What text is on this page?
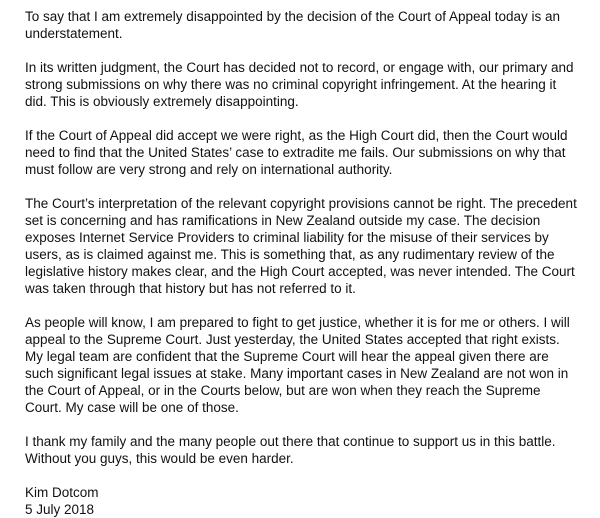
To say that I am extremely disappointed by the decision of the Court of Appeal today is an
understatement.

In its written judgment, the Court has decided not to record, or engage with, our primary and
strong submissions on why there was no criminal copyright infringement. At the hearing it
did. This is obviously extremely disappointing.

If the Court of Appeal did accept we were right, as the High Court did, then the Court would
need to find that the United States’ case to extradite me fails. Our submissions on why that
must follow are very strong and rely on international authority.

The Court’s interpretation of the relevant copyright provisions cannot be right. The precedent
set is concerning and has ramifications in New Zealand outside my case. The decision
exposes Internet Service Providers to criminal liability for the misuse of their services by
users, as is claimed against me. This is something that, as any rudimentary review of the
legislative history makes clear, and the High Court accepted, was never intended. The Court
was taken through that history but has not referred to it.

As people will know, I am prepared to fight to get justice, whether it is for me or others. I will
appeal to the Supreme Court. Just yesterday, the United States accepted that right exists.
My legal team are confident that the Supreme Court will hear the appeal given there are
such significant legal issues at stake. Many important cases in New Zealand are not won in
the Court of Appeal, or in the Courts below, but are won when they reach the Supreme
Court. My case will be one of those.

I thank my family and the many people out there that continue to support us in this battle.
Without you guys, this would be even harder.

Kim Dotcom

5 July 2018
